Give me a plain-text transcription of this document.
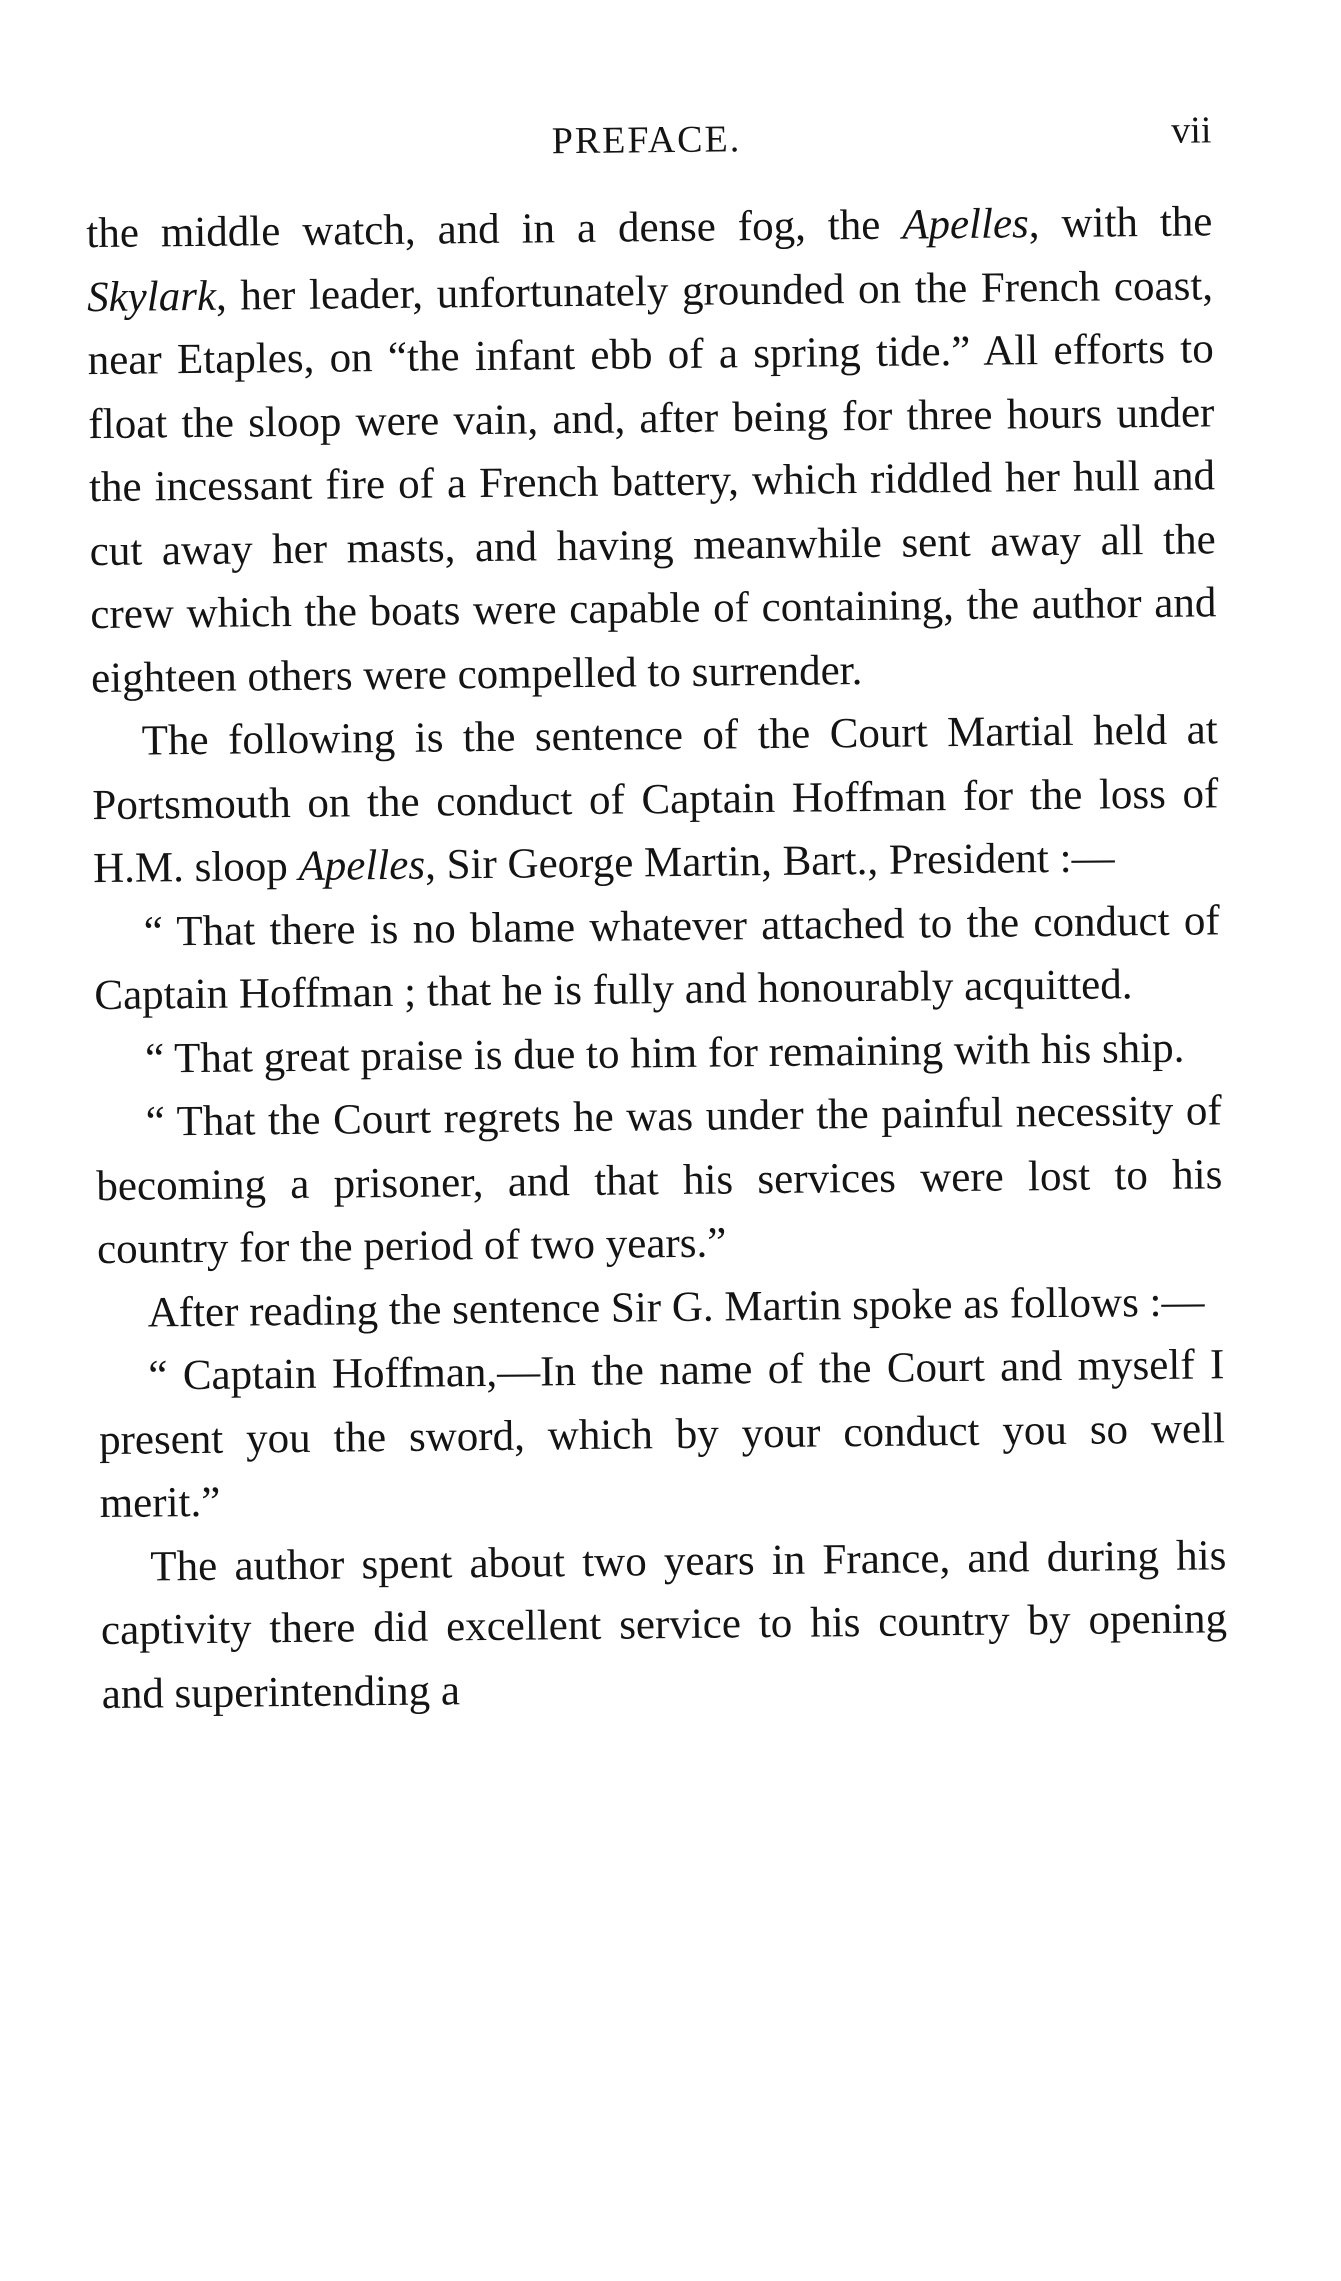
PREFACE.	vii

the middle watch, and in a dense fog, the Apelles, with the Skylark, her leader, unfortunately grounded on the French coast, near Etaples, on “the infant ebb of a spring tide.” All efforts to float the sloop were vain, and, after being for three hours under the incessant fire of a French battery, which riddled her hull and cut away her masts, and having meanwhile sent away all the crew which the boats were capable of containing, the author and eighteen others were compelled to surrender.

The following is the sentence of the Court Martial held at Portsmouth on the conduct of Captain Hoffman for the loss of H.M. sloop Apelles, Sir George Martin, Bart., President :—

“ That there is no blame whatever attached to the conduct of Captain Hoffman ; that he is fully and honourably acquitted.

“ That great praise is due to him for remaining with his ship.

“ That the Court regrets he was under the painful necessity of becoming a prisoner, and that his services were lost to his country for the period of two years.”

After reading the sentence Sir G. Martin spoke as follows :—

“ Captain Hoffman,—In the name of the Court and myself I present you the sword, which by your conduct you so well merit.”

The author spent about two years in France, and during his captivity there did excellent service to his country by opening and superintending a
